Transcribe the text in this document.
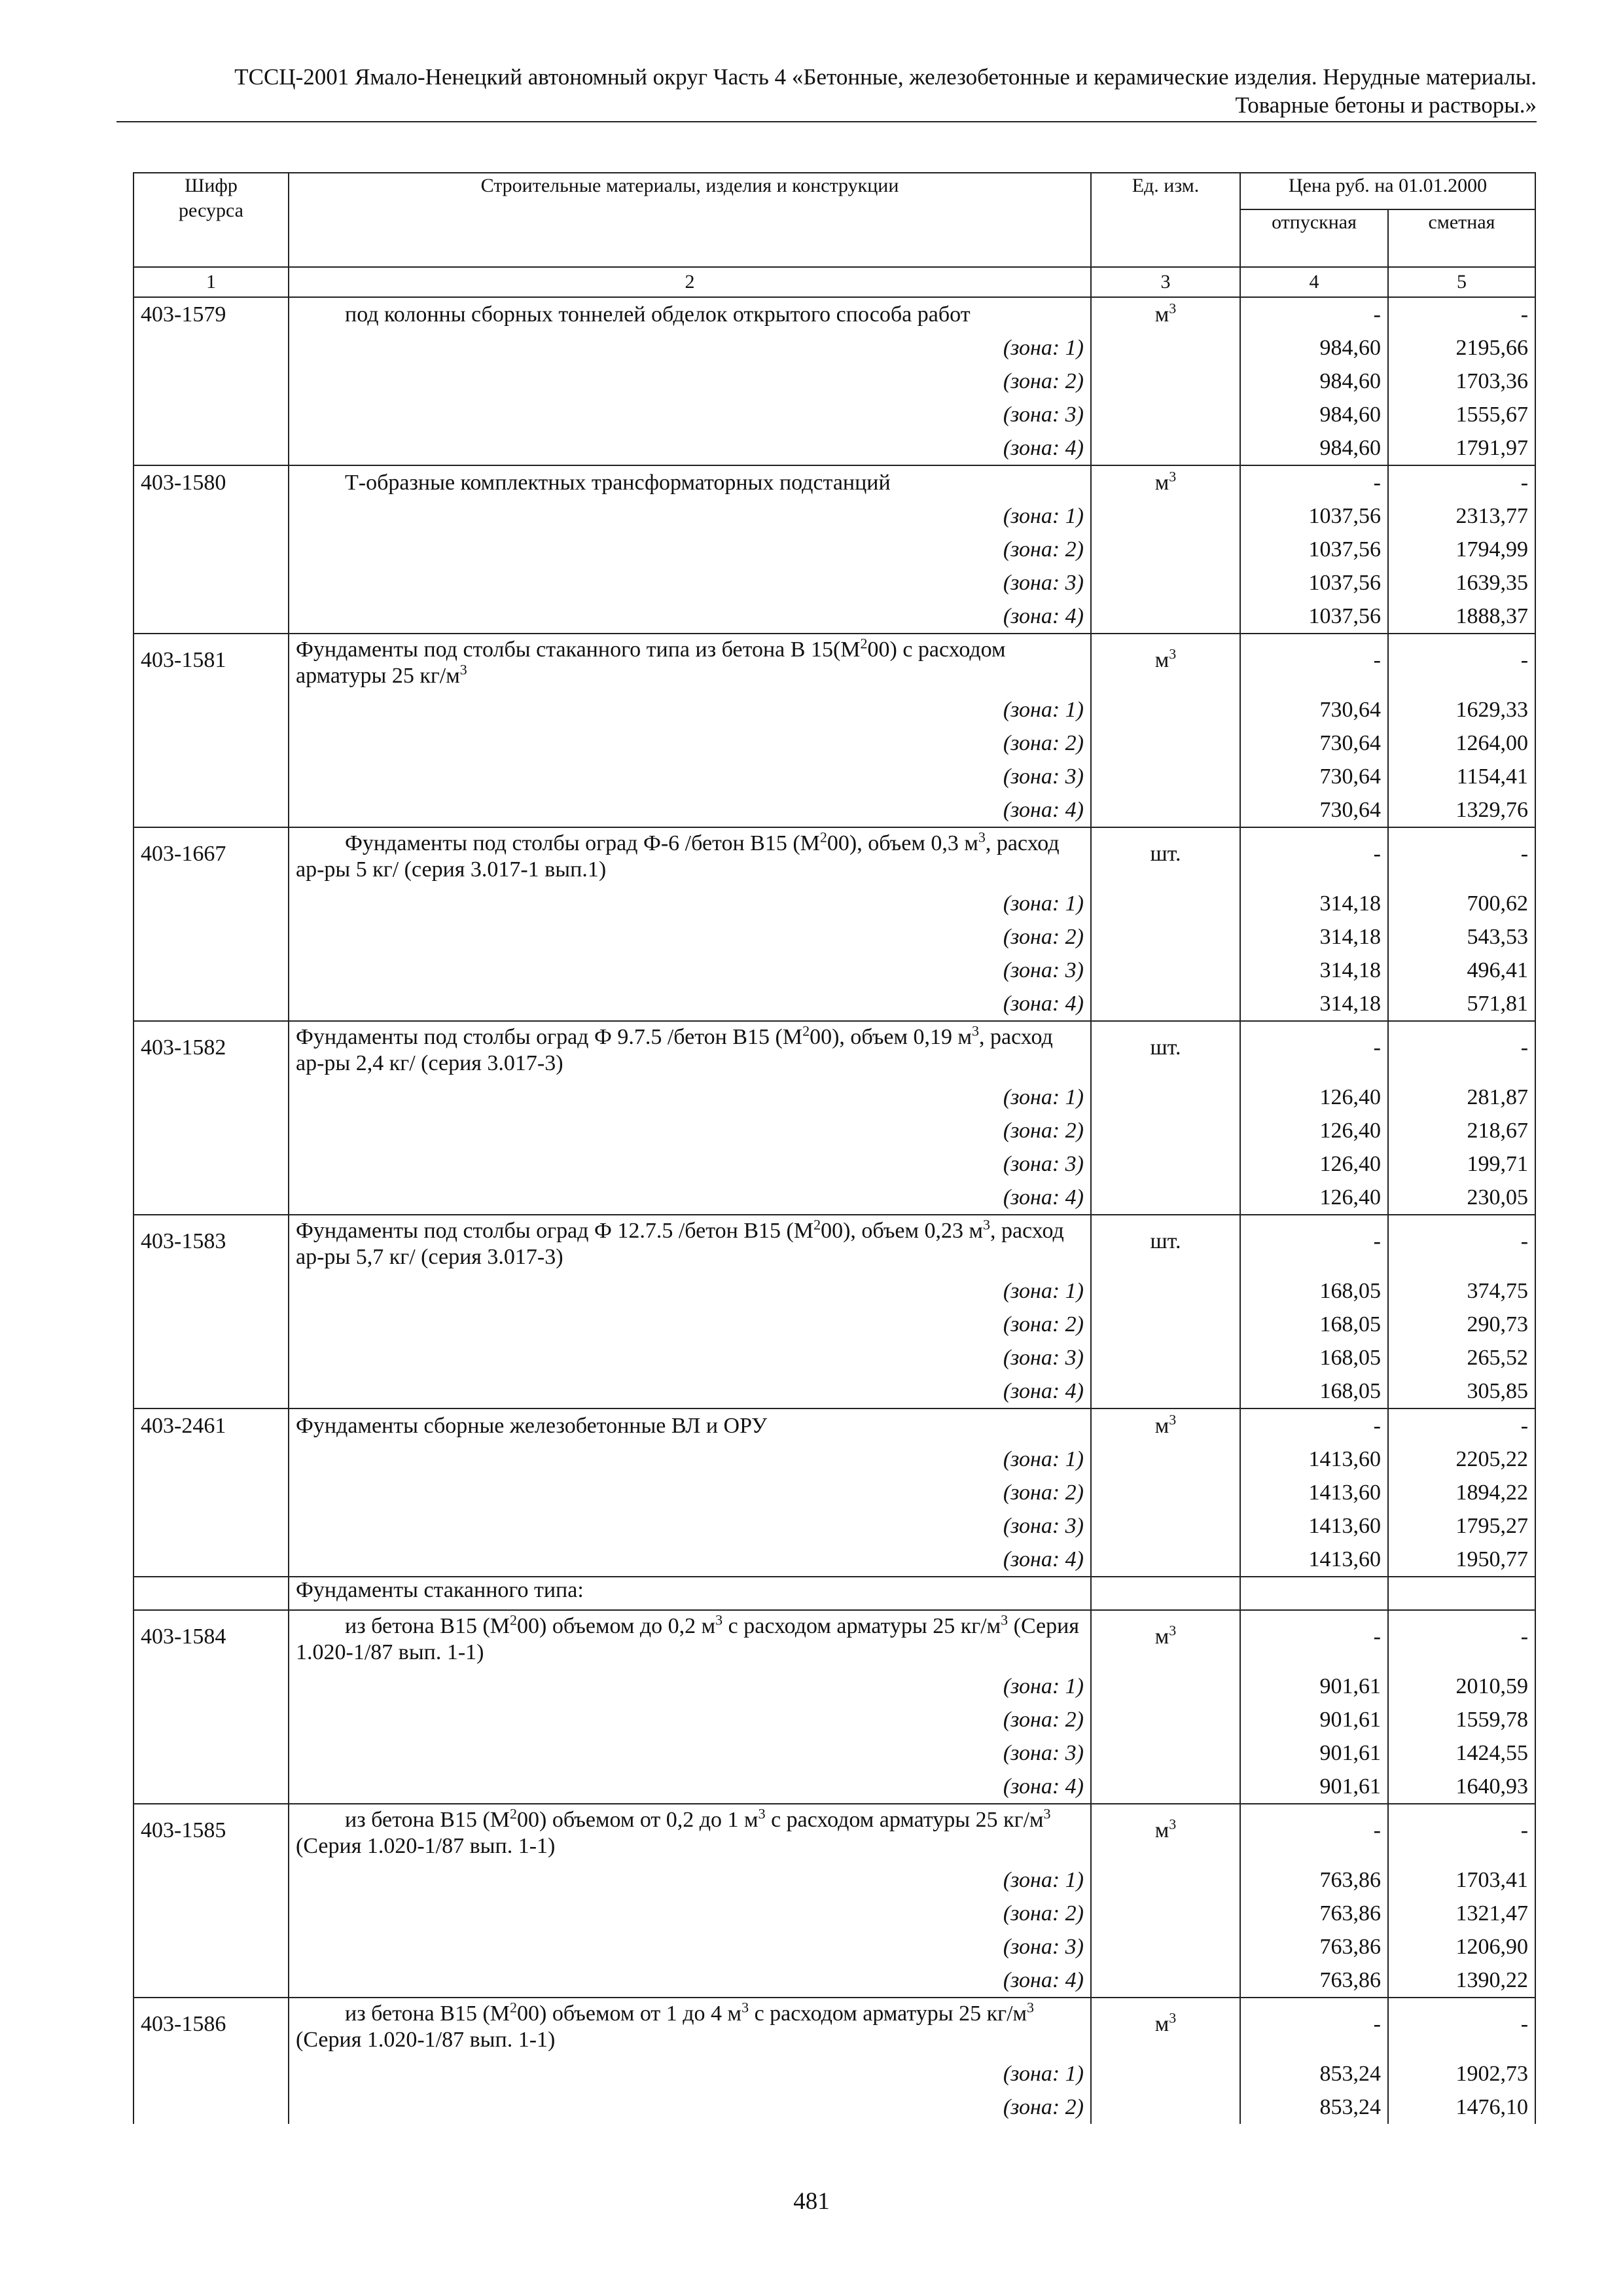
ТССЦ-2001 Ямало-Ненецкий автономный округ Часть 4 «Бетонные, железобетонные и керамические изделия. Нерудные материалы.
Товарные бетоны и растворы.»
Шифр ресурса	Строительные материалы, изделия и конструкции	Ед. изм.	Цена руб. на 01.01.2000	
			отпускная	сметная
1	2	3	4	5
403-1579	под колонны сборных тоннелей обделок открытого способа работ	$м^3$	-	-
	(зона: 1)		984,60	2195,66
	(зона: 2)		984,60	1703,36
	(зона: 3)		984,60	1555,67
	(зона: 4)		984,60	1791,97
403-1580	Т-образные комплектных трансформаторных подстанций	$м^3$	-	-
	(зона: 1)		1037,56	2313,77
	(зона: 2)		1037,56	1794,99
	(зона: 3)		1037,56	1639,35
	(зона: 4)		1037,56	1888,37
403-1581	Фундаменты под столбы стаканного типа из бетона В $15(М^200)$ с расходом арматуры 25 $кг/м^3$	$м^3$	-	-
	(зона: 1)		730,64	1629,33
	(зона: 2)		730,64	1264,00
	(зона: 3)		730,64	1154,41
	(зона: 4)		730,64	1329,76
403-1667	Фундаменты под столбы оград Ф-6 /бетон В15 $(М^200)$, объем 0,3 $м^3$, расход ар-ры 5 кг/ (серия 3.017-1 вып.1)	шт.	-	-
	(зона: 1)		314,18	700,62
	(зона: 2)		314,18	543,53
	(зона: 3)		314,18	496,41
	(зона: 4)		314,18	571,81
403-1582	Фундаменты под столбы оград Ф 9.7.5 /бетон В15 $(М^200)$, объем 0,19 $м^3$, расход ар-ры 2,4 кг/ (серия 3.017-3)	шт.	-	-
	(зона: 1)		126,40	281,87
	(зона: 2)		126,40	218,67
	(зона: 3)		126,40	199,71
	(зона: 4)		126,40	230,05
403-1583	Фундаменты под столбы оград Ф 12.7.5 /бетон В15 $(М^200)$, объем 0,23 $м^3$, расход ар-ры 5,7 кг/ (серия 3.017-3)	шт.	-	-
	(зона: 1)		168,05	374,75
	(зона: 2)		168,05	290,73
	(зона: 3)		168,05	265,52
	(зона: 4)		168,05	305,85
403-2461	Фундаменты сборные железобетонные ВЛ и ОРУ	$м^3$	-	-
	(зона: 1)		1413,60	2205,22
	(зона: 2)		1413,60	1894,22
	(зона: 3)		1413,60	1795,27
	(зона: 4)		1413,60	1950,77
	Фундаменты стаканного типа:			
403-1584	из бетона В15 $(М^200)$ объемом до 0,2 $м^3$ с расходом арматуры 25 $кг/м^3$ (Серия 1.020-1/87 вып. 1-1)	$м^3$	-	-
	(зона: 1)		901,61	2010,59
	(зона: 2)		901,61	1559,78
	(зона: 3)		901,61	1424,55
	(зона: 4)		901,61	1640,93
403-1585	из бетона В15 $(М^200)$ объемом от 0,2 до 1 $м^3$ с расходом арматуры 25 $кг/м^3$ (Серия 1.020-1/87 вып. 1-1)	$м^3$	-	-
	(зона: 1)		763,86	1703,41
	(зона: 2)		763,86	1321,47
	(зона: 3)		763,86	1206,90
	(зона: 4)		763,86	1390,22
403-1586	из бетона В15 $(М^200)$ объемом от 1 до 4 $м^3$ с расходом арматуры 25 $кг/м^3$ (Серия 1.020-1/87 вып. 1-1)	$м^3$	-	-
	(зона: 1)		853,24	1902,73
	(зона: 2)		853,24	1476,10
481
